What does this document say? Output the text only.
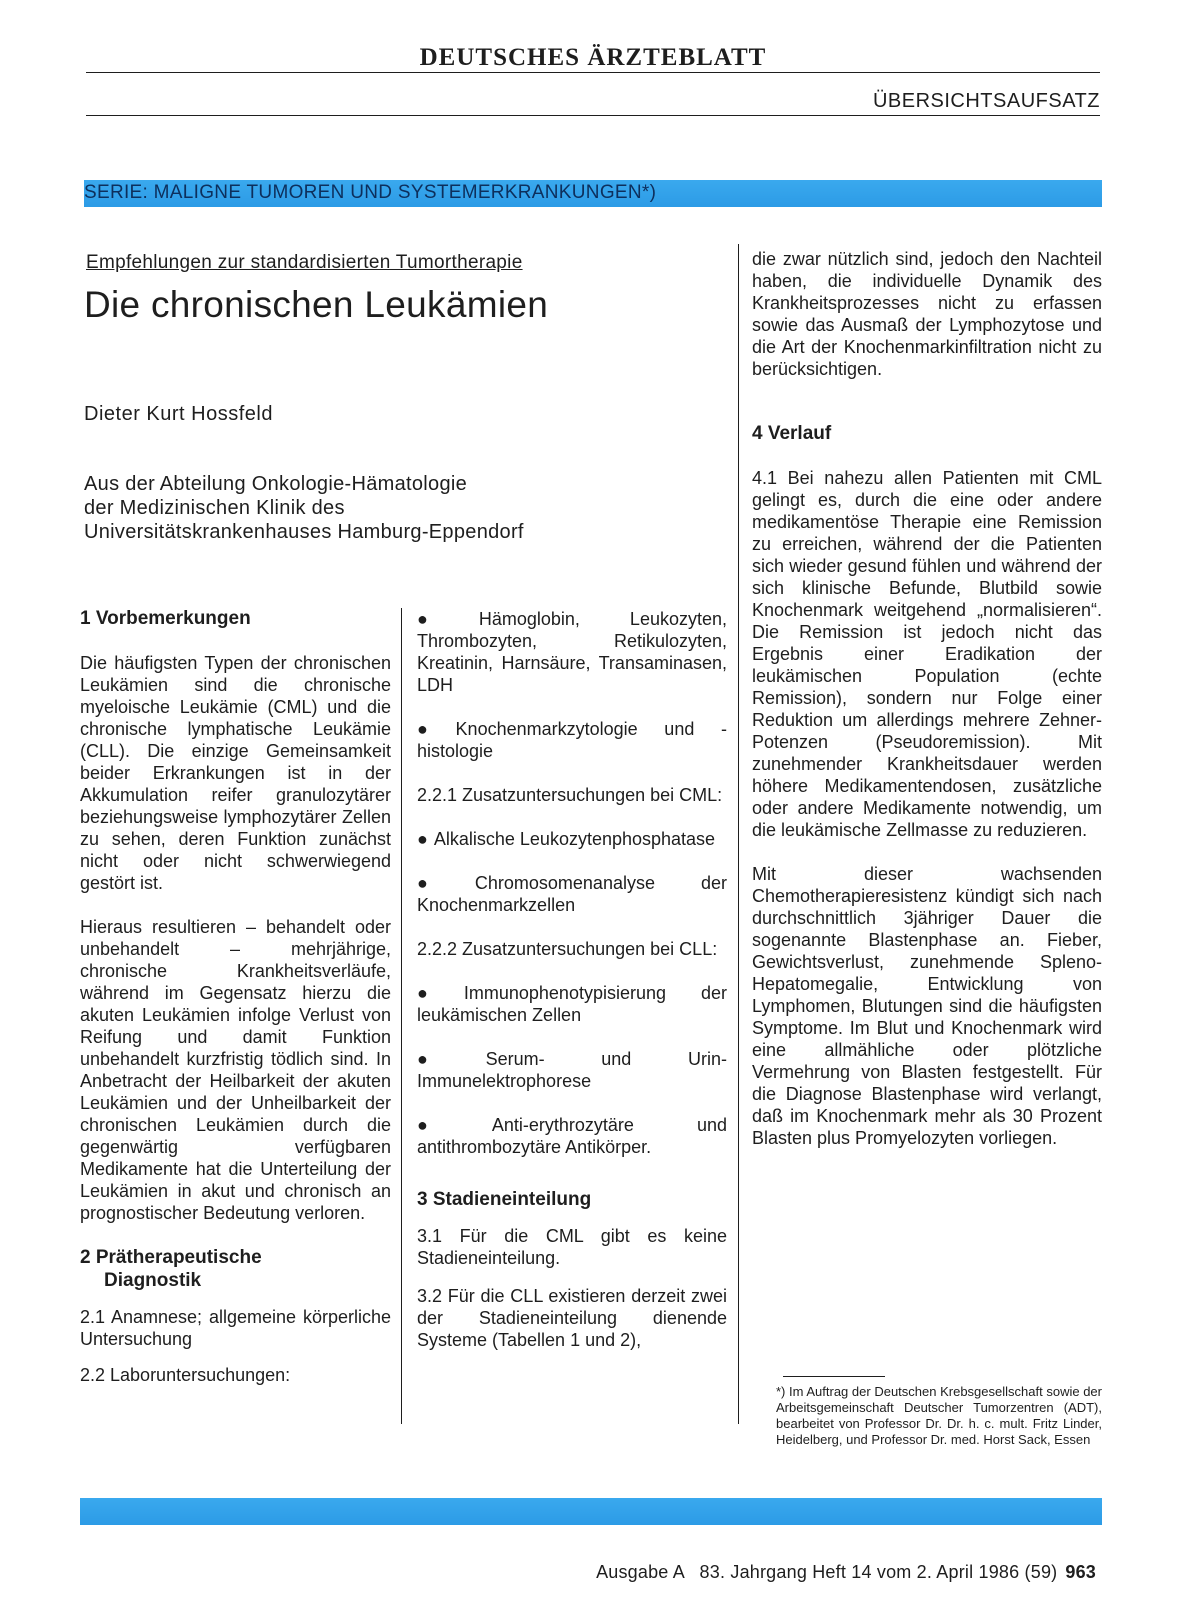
DEUTSCHES ÄRZTEBLATT
ÜBERSICHTSAUFSATZ
SERIE: MALIGNE TUMOREN UND SYSTEMERKRANKUNGEN*)
Empfehlungen zur standardisierten Tumortherapie
Die chronischen Leukämien
Dieter Kurt Hossfeld
Aus der Abteilung Onkologie-Hämatologie
der Medizinischen Klinik des
Universitätskrankenhauses Hamburg-Eppendorf
1 Vorbemerkungen

Die häufigsten Typen der chronischen Leukämien sind die chronische myeloische Leukämie (CML) und die chronische lymphatische Leukämie (CLL). Die einzige Gemeinsamkeit beider Erkrankungen ist in der Akkumulation reifer granulozytärer beziehungsweise lymphozytärer Zellen zu sehen, deren Funktion zunächst nicht oder nicht schwerwiegend gestört ist.

Hieraus resultieren – behandelt oder unbehandelt – mehrjährige, chronische Krankheitsverläufe, während im Gegensatz hierzu die akuten Leukämien infolge Verlust von Reifung und damit Funktion unbehandelt kurzfristig tödlich sind. In Anbetracht der Heilbarkeit der akuten Leukämien und der Unheilbarkeit der chronischen Leukämien durch die gegenwärtig verfügbaren Medikamente hat die Unterteilung der Leukämien in akut und chronisch an prognostischer Bedeutung verloren.

2 Prätherapeutische
Diagnostik

2.1 Anamnese; allgemeine körperliche Untersuchung

2.2 Laboruntersuchungen:

● Hämoglobin, Leukozyten, Thrombozyten, Retikulozyten, Kreatinin, Harnsäure, Transaminasen, LDH

● Knochenmarkzytologie und -histologie

2.2.1 Zusatzuntersuchungen bei CML:

● Alkalische Leukozytenphosphatase

● Chromosomenanalyse der Knochenmarkzellen

2.2.2 Zusatzuntersuchungen bei CLL:

● Immunophenotypisierung der leukämischen Zellen

● Serum- und Urin-Immunelektrophorese

● Anti-erythrozytäre und antithrombozytäre Antikörper.

3 Stadieneinteilung

3.1 Für die CML gibt es keine Stadieneinteilung.

3.2 Für die CLL existieren derzeit zwei der Stadieneinteilung dienende Systeme (Tabellen 1 und 2),

die zwar nützlich sind, jedoch den Nachteil haben, die individuelle Dynamik des Krankheitsprozesses nicht zu erfassen sowie das Ausmaß der Lymphozytose und die Art der Knochenmarkinfiltration nicht zu berücksichtigen.

4 Verlauf

4.1 Bei nahezu allen Patienten mit CML gelingt es, durch die eine oder andere medikamentöse Therapie eine Remission zu erreichen, während der die Patienten sich wieder gesund fühlen und während der sich klinische Befunde, Blutbild sowie Knochenmark weitgehend „normalisieren“. Die Remission ist jedoch nicht das Ergebnis einer Eradikation der leukämischen Population (echte Remission), sondern nur Folge einer Reduktion um allerdings mehrere Zehner-Potenzen (Pseudoremission). Mit zunehmender Krankheitsdauer werden höhere Medikamentendosen, zusätzliche oder andere Medikamente notwendig, um die leukämische Zellmasse zu reduzieren.

Mit dieser wachsenden Chemotherapieresistenz kündigt sich nach durchschnittlich 3jähriger Dauer die sogenannte Blastenphase an. Fieber, Gewichtsverlust, zunehmende Spleno-Hepatomegalie, Entwicklung von Lymphomen, Blutungen sind die häufigsten Symptome. Im Blut und Knochenmark wird eine allmähliche oder plötzliche Vermehrung von Blasten festgestellt. Für die Diagnose Blastenphase wird verlangt, daß im Knochenmark mehr als 30 Prozent Blasten plus Promyelozyten vorliegen.

*) Im Auftrag der Deutschen Krebsgesellschaft sowie der Arbeitsgemeinschaft Deutscher Tumorzentren (ADT), bearbeitet von Professor Dr. Dr. h. c. mult. Fritz Linder, Heidelberg, und Professor Dr. med. Horst Sack, Essen
Ausgabe A   83. Jahrgang Heft 14 vom 2. April 1986 (59) 963
